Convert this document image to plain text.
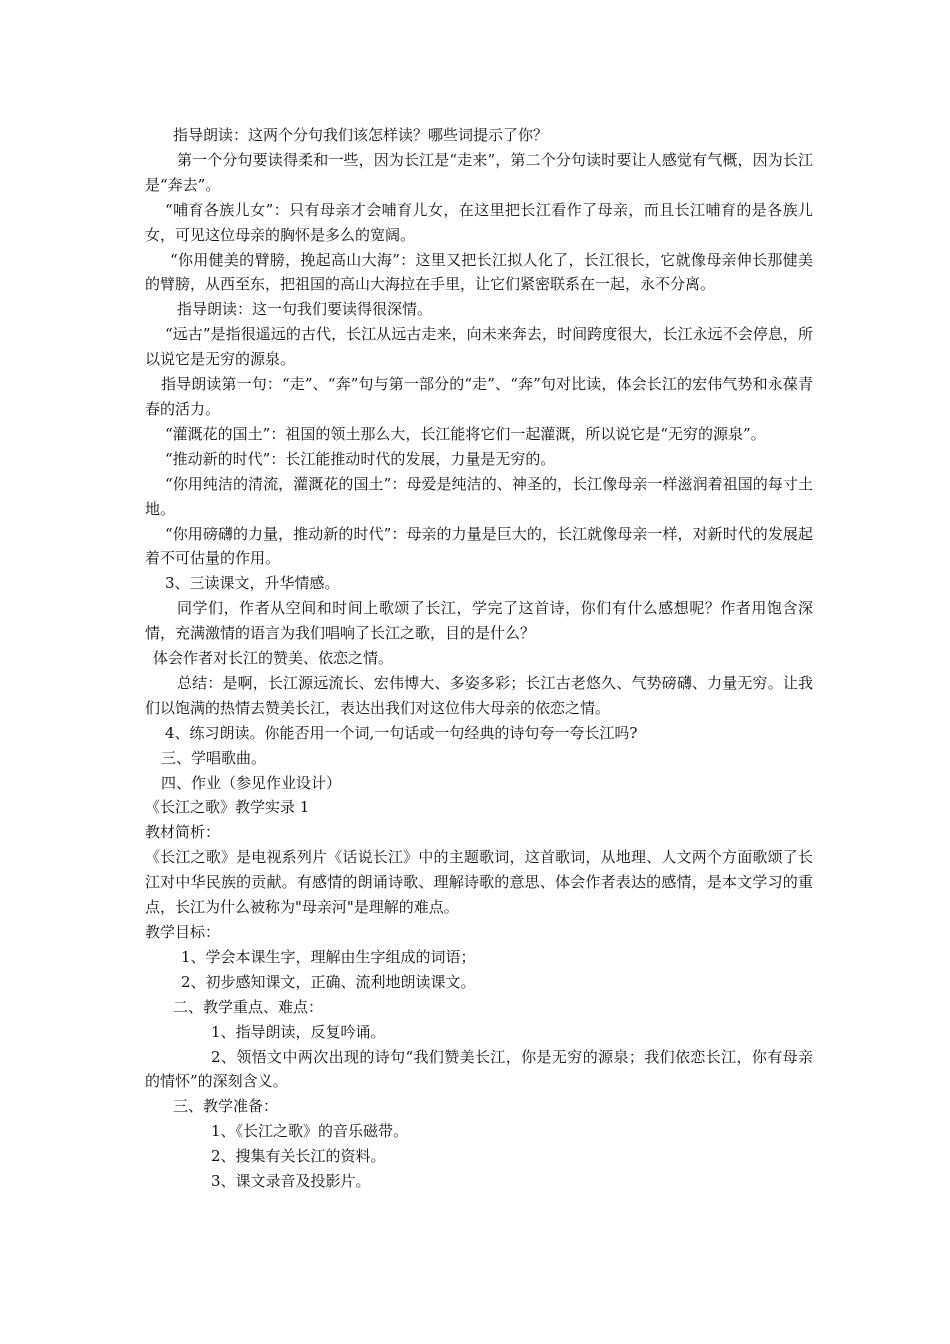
指导朗读：这两个分句我们该怎样读？哪些词提示了你？

第一个分句要读得柔和一些，因为长江是“走来”，第二个分句读时要让人感觉有气概，因为长江是“奔去”。

“哺育各族儿女”：只有母亲才会哺育儿女，在这里把长江看作了母亲，而且长江哺育的是各族儿女，可见这位母亲的胸怀是多么的宽阔。

“你用健美的臂膀，挽起高山大海”：这里又把长江拟人化了，长江很长，它就像母亲伸长那健美的臂膀，从西至东，把祖国的高山大海拉在手里，让它们紧密联系在一起，永不分离。

指导朗读：这一句我们要读得很深情。

“远古”是指很遥远的古代，长江从远古走来，向未来奔去，时间跨度很大，长江永远不会停息，所以说它是无穷的源泉。

指导朗读第一句：“走”、“奔”句与第一部分的“走”、“奔”句对比读，体会长江的宏伟气势和永葆青春的活力。

“灌溉花的国土”：祖国的领土那么大，长江能将它们一起灌溉，所以说它是“无穷的源泉”。

“推动新的时代”：长江能推动时代的发展，力量是无穷的。

“你用纯洁的清流，灌溉花的国土”：母爱是纯洁的、神圣的，长江像母亲一样滋润着祖国的每寸土地。

“你用磅礴的力量，推动新的时代”：母亲的力量是巨大的，长江就像母亲一样，对新时代的发展起着不可估量的作用。

3、三读课文，升华情感。

同学们，作者从空间和时间上歌颂了长江，学完了这首诗，你们有什么感想呢？作者用饱含深情，充满激情的语言为我们唱响了长江之歌，目的是什么？

体会作者对长江的赞美、依恋之情。

总结：是啊，长江源远流长、宏伟博大、多姿多彩；长江古老悠久、气势磅礴、力量无穷。让我们以饱满的热情去赞美长江，表达出我们对这位伟大母亲的依恋之情。

4、练习朗读。你能否用一个词,一句话或一句经典的诗句夸一夸长江吗?

三、学唱歌曲。

四、作业（参见作业设计）

《长江之歌》教学实录 1

教材简析：

《长江之歌》是电视系列片《话说长江》中的主题歌词，这首歌词，从地理、人文两个方面歌颂了长江对中华民族的贡献。有感情的朗诵诗歌、理解诗歌的意思、体会作者表达的感情，是本文学习的重点，长江为什么被称为"母亲河"是理解的难点。

教学目标：

1、学会本课生字，理解由生字组成的词语；

2、初步感知课文，正确、流利地朗读课文。

二、教学重点、难点：

1、指导朗读，反复吟诵。

2、领悟文中两次出现的诗句“我们赞美长江，你是无穷的源泉；我们依恋长江，你有母亲的情怀”的深刻含义。

三、教学准备：

1、《长江之歌》的音乐磁带。

2、搜集有关长江的资料。

3、课文录音及投影片。
